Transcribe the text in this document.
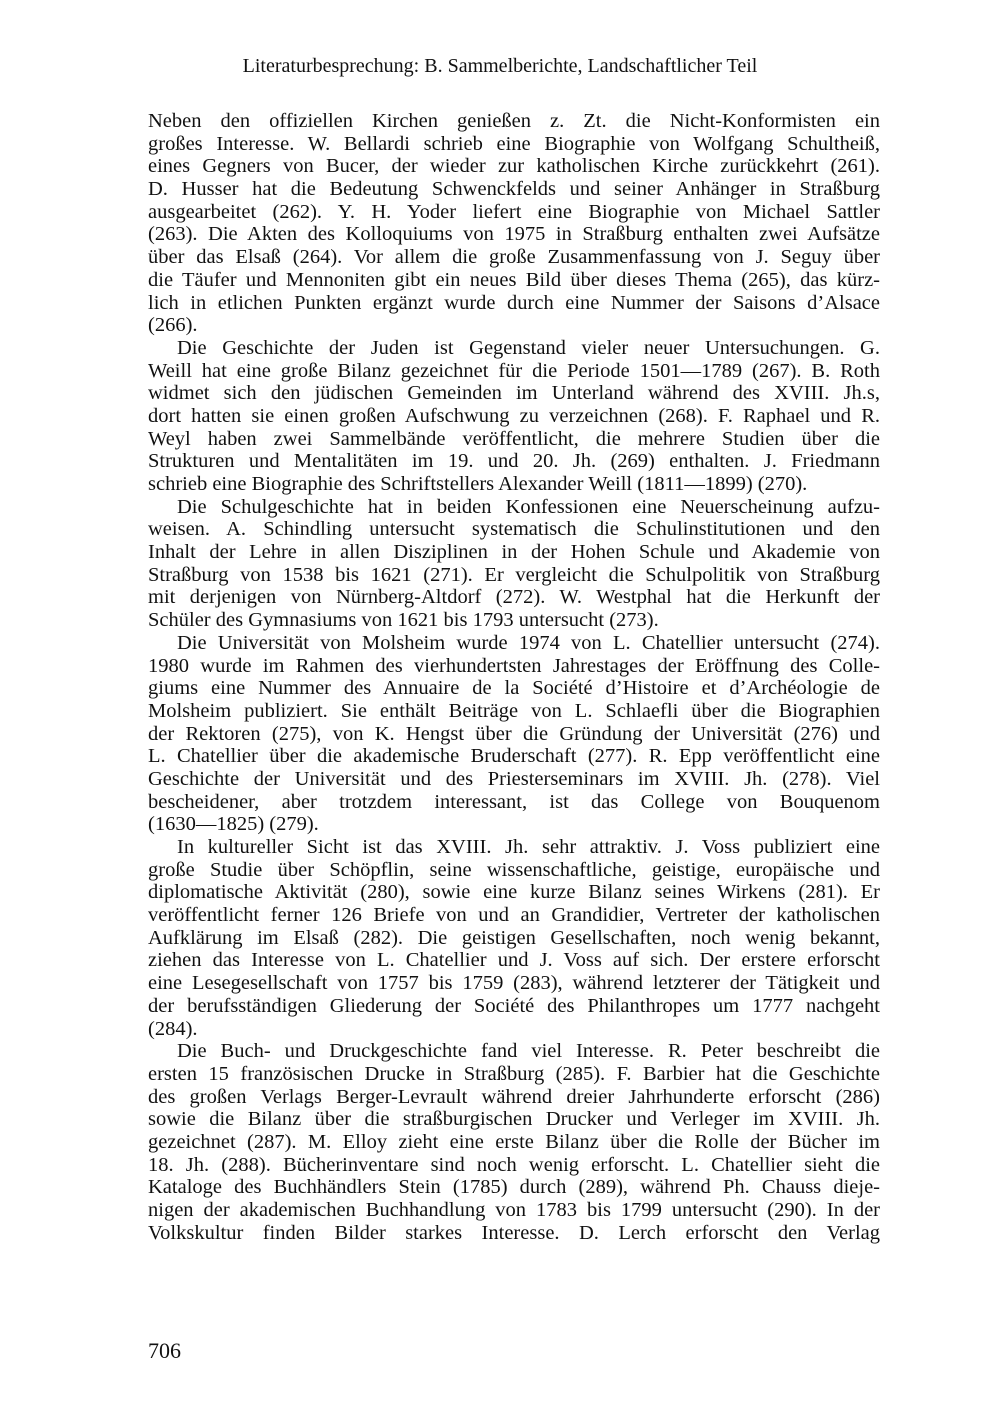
Literaturbesprechung: B. Sammelberichte, Landschaftlicher Teil
Neben den offiziellen Kirchen genießen z. Zt. die Nicht-Konformisten ein
großes Interesse. W. Bellardi schrieb eine Biographie von Wolfgang Schultheiß,
eines Gegners von Bucer, der wieder zur katholischen Kirche zurückkehrt (261).
D. Husser hat die Bedeutung Schwenckfelds und seiner Anhänger in Straßburg
ausgearbeitet (262). Y. H. Yoder liefert eine Biographie von Michael Sattler
(263). Die Akten des Kolloquiums von 1975 in Straßburg enthalten zwei Aufsätze
über das Elsaß (264). Vor allem die große Zusammenfassung von J. Seguy über
die Täufer und Mennoniten gibt ein neues Bild über dieses Thema (265), das kürz-
lich in etlichen Punkten ergänzt wurde durch eine Nummer der Saisons d’Alsace
(266).
Die Geschichte der Juden ist Gegenstand vieler neuer Untersuchungen. G.
Weill hat eine große Bilanz gezeichnet für die Periode 1501—1789 (267). B. Roth
widmet sich den jüdischen Gemeinden im Unterland während des XVIII. Jh.s,
dort hatten sie einen großen Aufschwung zu verzeichnen (268). F. Raphael und R.
Weyl haben zwei Sammelbände veröffentlicht, die mehrere Studien über die
Strukturen und Mentalitäten im 19. und 20. Jh. (269) enthalten. J. Friedmann
schrieb eine Biographie des Schriftstellers Alexander Weill (1811—1899) (270).
Die Schulgeschichte hat in beiden Konfessionen eine Neuerscheinung aufzu-
weisen. A. Schindling untersucht systematisch die Schulinstitutionen und den
Inhalt der Lehre in allen Disziplinen in der Hohen Schule und Akademie von
Straßburg von 1538 bis 1621 (271). Er vergleicht die Schulpolitik von Straßburg
mit derjenigen von Nürnberg-Altdorf (272). W. Westphal hat die Herkunft der
Schüler des Gymnasiums von 1621 bis 1793 untersucht (273).
Die Universität von Molsheim wurde 1974 von L. Chatellier untersucht (274).
1980 wurde im Rahmen des vierhundertsten Jahrestages der Eröffnung des Colle-
giums eine Nummer des Annuaire de la Société d’Histoire et d’Archéologie de
Molsheim publiziert. Sie enthält Beiträge von L. Schlaefli über die Biographien
der Rektoren (275), von K. Hengst über die Gründung der Universität (276) und
L. Chatellier über die akademische Bruderschaft (277). R. Epp veröffentlicht eine
Geschichte der Universität und des Priesterseminars im XVIII. Jh. (278). Viel
bescheidener, aber trotzdem interessant, ist das College von Bouquenom
(1630—1825) (279).
In kultureller Sicht ist das XVIII. Jh. sehr attraktiv. J. Voss publiziert eine
große Studie über Schöpflin, seine wissenschaftliche, geistige, europäische und
diplomatische Aktivität (280), sowie eine kurze Bilanz seines Wirkens (281). Er
veröffentlicht ferner 126 Briefe von und an Grandidier, Vertreter der katholischen
Aufklärung im Elsaß (282). Die geistigen Gesellschaften, noch wenig bekannt,
ziehen das Interesse von L. Chatellier und J. Voss auf sich. Der erstere erforscht
eine Lesegesellschaft von 1757 bis 1759 (283), während letzterer der Tätigkeit und
der berufsständigen Gliederung der Société des Philanthropes um 1777 nachgeht
(284).
Die Buch- und Druckgeschichte fand viel Interesse. R. Peter beschreibt die
ersten 15 französischen Drucke in Straßburg (285). F. Barbier hat die Geschichte
des großen Verlags Berger-Levrault während dreier Jahrhunderte erforscht (286)
sowie die Bilanz über die straßburgischen Drucker und Verleger im XVIII. Jh.
gezeichnet (287). M. Elloy zieht eine erste Bilanz über die Rolle der Bücher im
18. Jh. (288). Bücherinventare sind noch wenig erforscht. L. Chatellier sieht die
Kataloge des Buchhändlers Stein (1785) durch (289), während Ph. Chauss dieje-
nigen der akademischen Buchhandlung von 1783 bis 1799 untersucht (290). In der
Volkskultur finden Bilder starkes Interesse. D. Lerch erforscht den Verlag
706
